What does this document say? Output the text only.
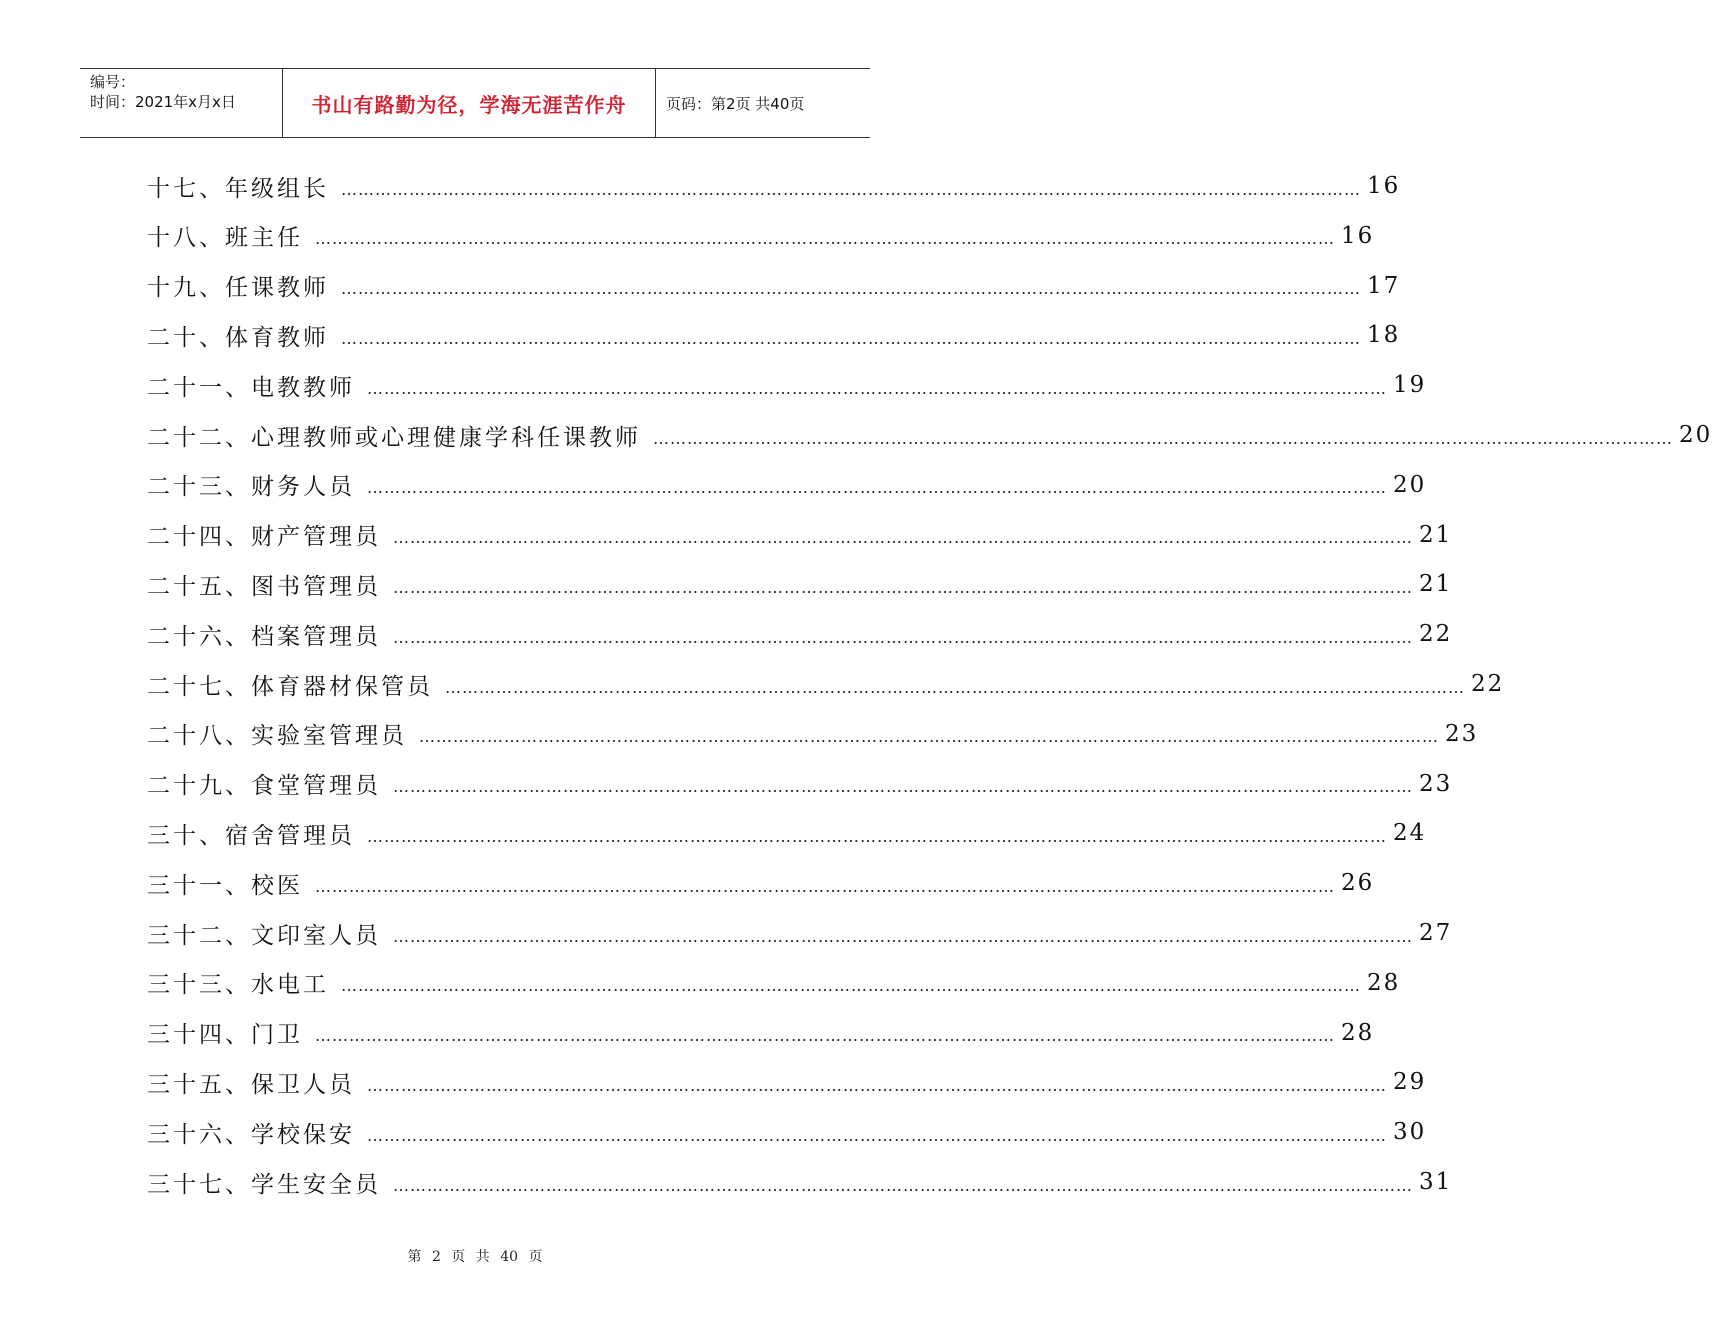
编号：
时间：2021年x月x日	书山有路勤为径，学海无涯苦作舟	页码：第2页 共40页
十七、年级组长 ……………………………………………………………………………………………………………………………………………………………… 16
十八、班主任 ……………………………………………………………………………………………………………………………………………………………… 16
十九、任课教师 ……………………………………………………………………………………………………………………………………………………………… 17
二十、体育教师 ……………………………………………………………………………………………………………………………………………………………… 18
二十一、电教教师 ……………………………………………………………………………………………………………………………………………………………… 19
二十二、心理教师或心理健康学科任课教师 ……………………………………………………………………………………………………………………………………………………………… 20
二十三、财务人员 ……………………………………………………………………………………………………………………………………………………………… 20
二十四、财产管理员 ……………………………………………………………………………………………………………………………………………………………… 21
二十五、图书管理员 ……………………………………………………………………………………………………………………………………………………………… 21
二十六、档案管理员 ……………………………………………………………………………………………………………………………………………………………… 22
二十七、体育器材保管员 ……………………………………………………………………………………………………………………………………………………………… 22
二十八、实验室管理员 ……………………………………………………………………………………………………………………………………………………………… 23
二十九、食堂管理员 ……………………………………………………………………………………………………………………………………………………………… 23
三十、宿舍管理员 ……………………………………………………………………………………………………………………………………………………………… 24
三十一、校医 ……………………………………………………………………………………………………………………………………………………………… 26
三十二、文印室人员 ……………………………………………………………………………………………………………………………………………………………… 27
三十三、水电工 ……………………………………………………………………………………………………………………………………………………………… 28
三十四、门卫 ……………………………………………………………………………………………………………………………………………………………… 28
三十五、保卫人员 ……………………………………………………………………………………………………………………………………………………………… 29
三十六、学校保安 ……………………………………………………………………………………………………………………………………………………………… 30
三十七、学生安全员 ……………………………………………………………………………………………………………………………………………………………… 31
第 2 页 共 40 页
